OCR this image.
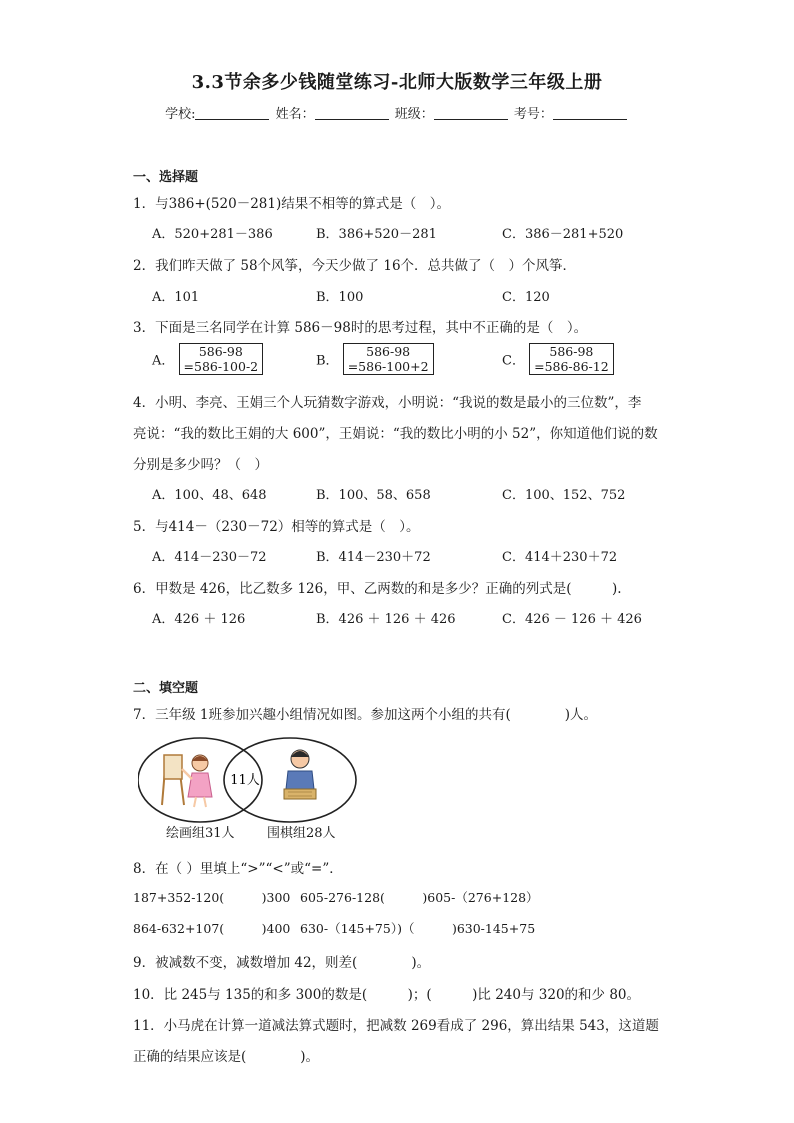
3.3节余多少钱随堂练习-北师大版数学三年级上册
学校:	姓名：	班级：	考号：
一、选择题
1．与386+(520－281)结果不相等的算式是（　）。
A．520+281－386	B．386+520－281	C．386－281+520
2．我们昨天做了 58个风筝，今天少做了 16个．总共做了（　）个风筝．
A．101	B．100	C．120
3．下面是三名同学在计算 586－98时的思考过程，其中不正确的是（　）。
A． 586-98
=586-100-2	B． 586-98
=586-100+2	C． 586-98
=586-86-12
4．小明、李亮、王娟三个人玩猜数字游戏，小明说：“我说的数是最小的三位数”，李
亮说：“我的数比王娟的大 600”，王娟说：“我的数比小明的小 52”，你知道他们说的数
分别是多少吗？（　）
A．100、48、648	B．100、58、658	C．100、152、752
5．与414－（230－72）相等的算式是（　）。
A．414－230－72	B．414－230＋72	C．414＋230＋72
6．甲数是 426，比乙数多 126，甲、乙两数的和是多少？正确的列式是(　　　).
A．426 ＋ 126	B．426 ＋ 126 ＋ 426	C．426 － 126 ＋ 426
二、填空题
7．三年级 1班参加兴趣小组情况如图。参加这两个小组的共有(　　　　)人。
11人
绘画组31人 围棋组28人
8．在（ ）里填上“>”“<”或“=”．
187+352-120(　　　)300 605-276-128(　　　)605-（276+128）
864-632+107(　　　)400 630-（145+75）)（　　　)630-145+75
9．被减数不变，减数增加 42，则差(　　　　)。
10．比 245与 135的和多 300的数是(　　　)；(　　　)比 240与 320的和少 80。
11．小马虎在计算一道减法算式题时，把减数 269看成了 296，算出结果 543，这道题
正确的结果应该是(　　　　)。
